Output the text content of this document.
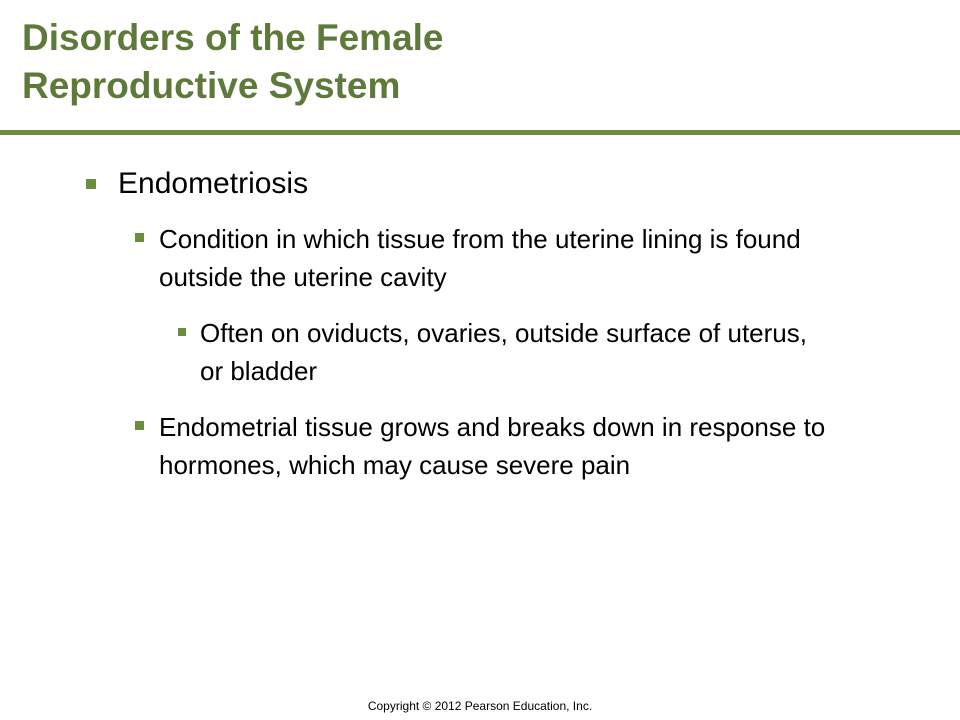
Disorders of the Female
Reproductive System
Endometriosis
Condition in which tissue from the uterine lining is found outside the uterine cavity
Often on oviducts, ovaries, outside surface of uterus, or bladder
Endometrial tissue grows and breaks down in response to hormones, which may cause severe pain
Copyright © 2012 Pearson Education, Inc.
